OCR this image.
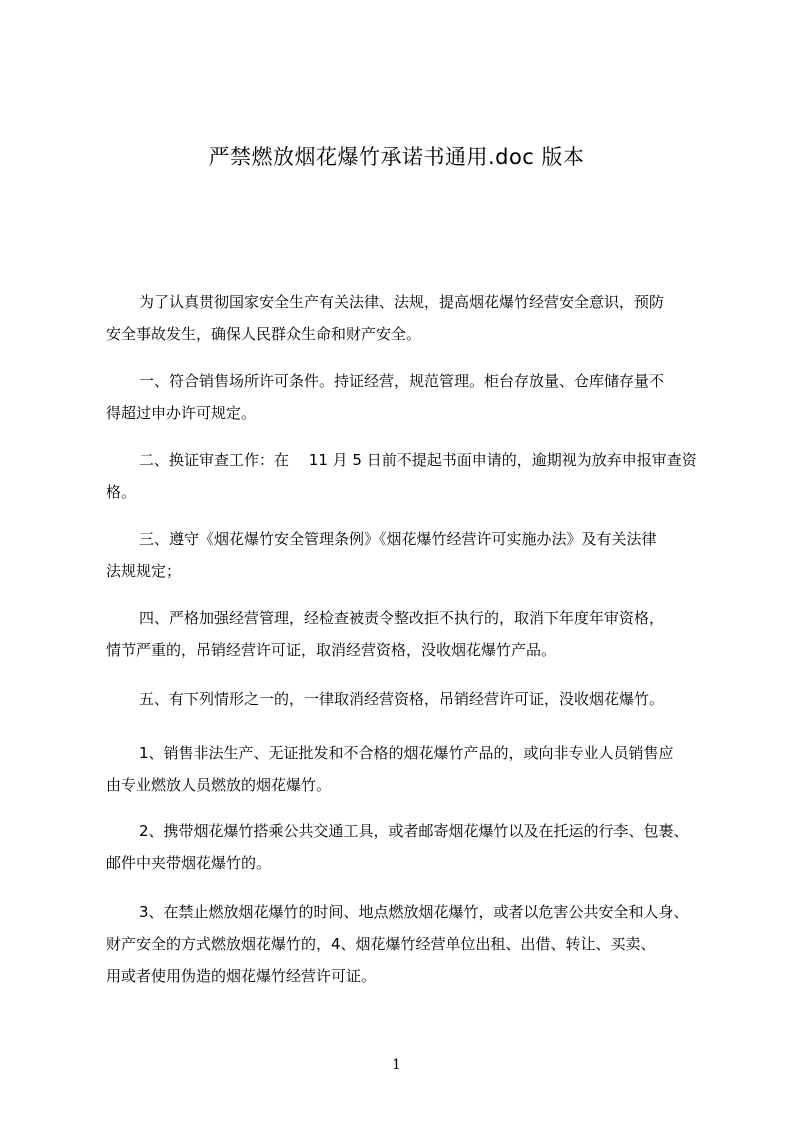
严禁燃放烟花爆竹承诺书通用.doc 版本
为了认真贯彻国家安全生产有关法律、法规，提高烟花爆竹经营安全意识，预防
安全事故发生，确保人民群众生命和财产安全。
一、符合销售场所许可条件。持证经营，规范管理。柜台存放量、仓库储存量不
得超过申办许可规定。
二、换证审查工作：在　 11 月 5 日前不提起书面申请的，逾期视为放弃申报审查资
格。
三、遵守《烟花爆竹安全管理条例》《烟花爆竹经营许可实施办法》及有关法律
法规规定；
四、严格加强经营管理，经检查被责令整改拒不执行的，取消下年度年审资格，
情节严重的，吊销经营许可证，取消经营资格，没收烟花爆竹产品。
五、有下列情形之一的，一律取消经营资格，吊销经营许可证，没收烟花爆竹。
1、销售非法生产、无证批发和不合格的烟花爆竹产品的，或向非专业人员销售应
由专业燃放人员燃放的烟花爆竹。
2、携带烟花爆竹搭乘公共交通工具，或者邮寄烟花爆竹以及在托运的行李、包裹、
邮件中夹带烟花爆竹的。
3、在禁止燃放烟花爆竹的时间、地点燃放烟花爆竹，或者以危害公共安全和人身、
财产安全的方式燃放烟花爆竹的，4、烟花爆竹经营单位出租、出借、转让、买卖、
用或者使用伪造的烟花爆竹经营许可证。
1
